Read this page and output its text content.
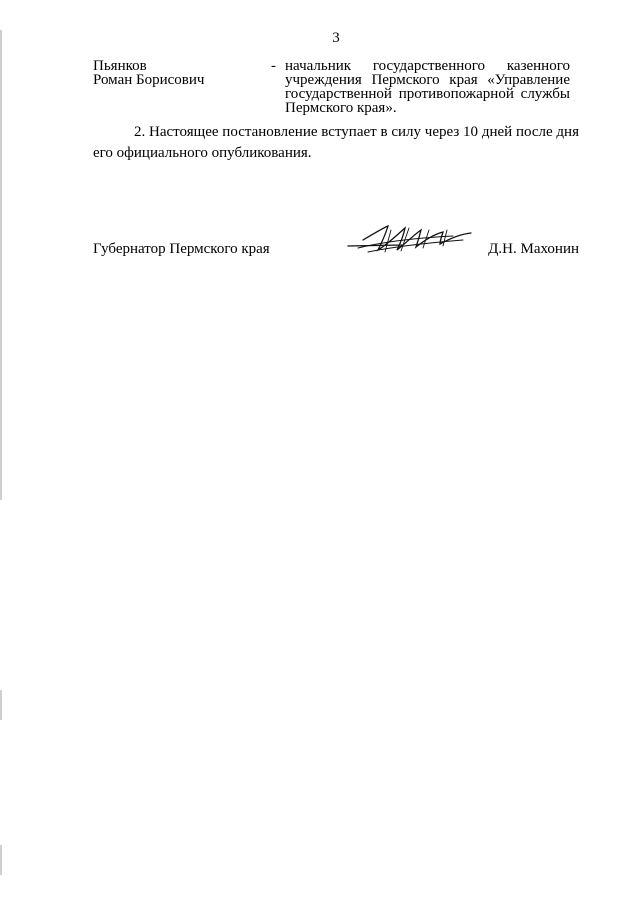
3
Пьянков
Роман Борисович
- начальник государственного казенного учреждения Пермского края «Управление государственной противопожарной службы Пермского края».

2. Настоящее постановление вступает в силу через 10 дней после дня его официального опубликования.

Губернатор Пермского края	Д.Н. Махонин
